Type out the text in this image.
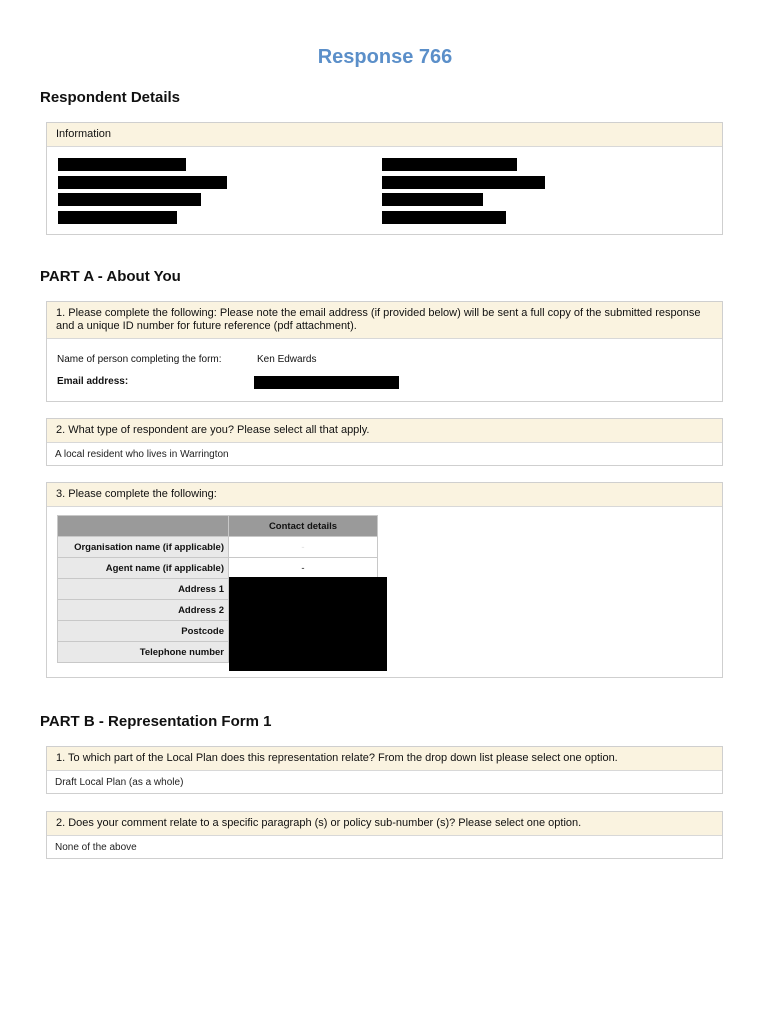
Response 766
Respondent Details
Information
PART A - About You
1. Please complete the following: Please note the email address (if provided below) will be sent a full copy of the submitted response and a unique ID number for future reference (pdf attachment).
Name of person completing the form:	Ken Edwards
Email address:
2. What type of respondent are you? Please select all that apply.
A local resident who lives in Warrington
3. Please complete the following:
	Contact details
Organisation name (if applicable)	-
Agent name (if applicable)	-
Address 1	
Address 2	
Postcode	
Telephone number	
PART B - Representation Form 1
1. To which part of the Local Plan does this representation relate? From the drop down list please select one option.
Draft Local Plan (as a whole)
2. Does your comment relate to a specific paragraph (s) or policy sub-number (s)? Please select one option.
None of the above
